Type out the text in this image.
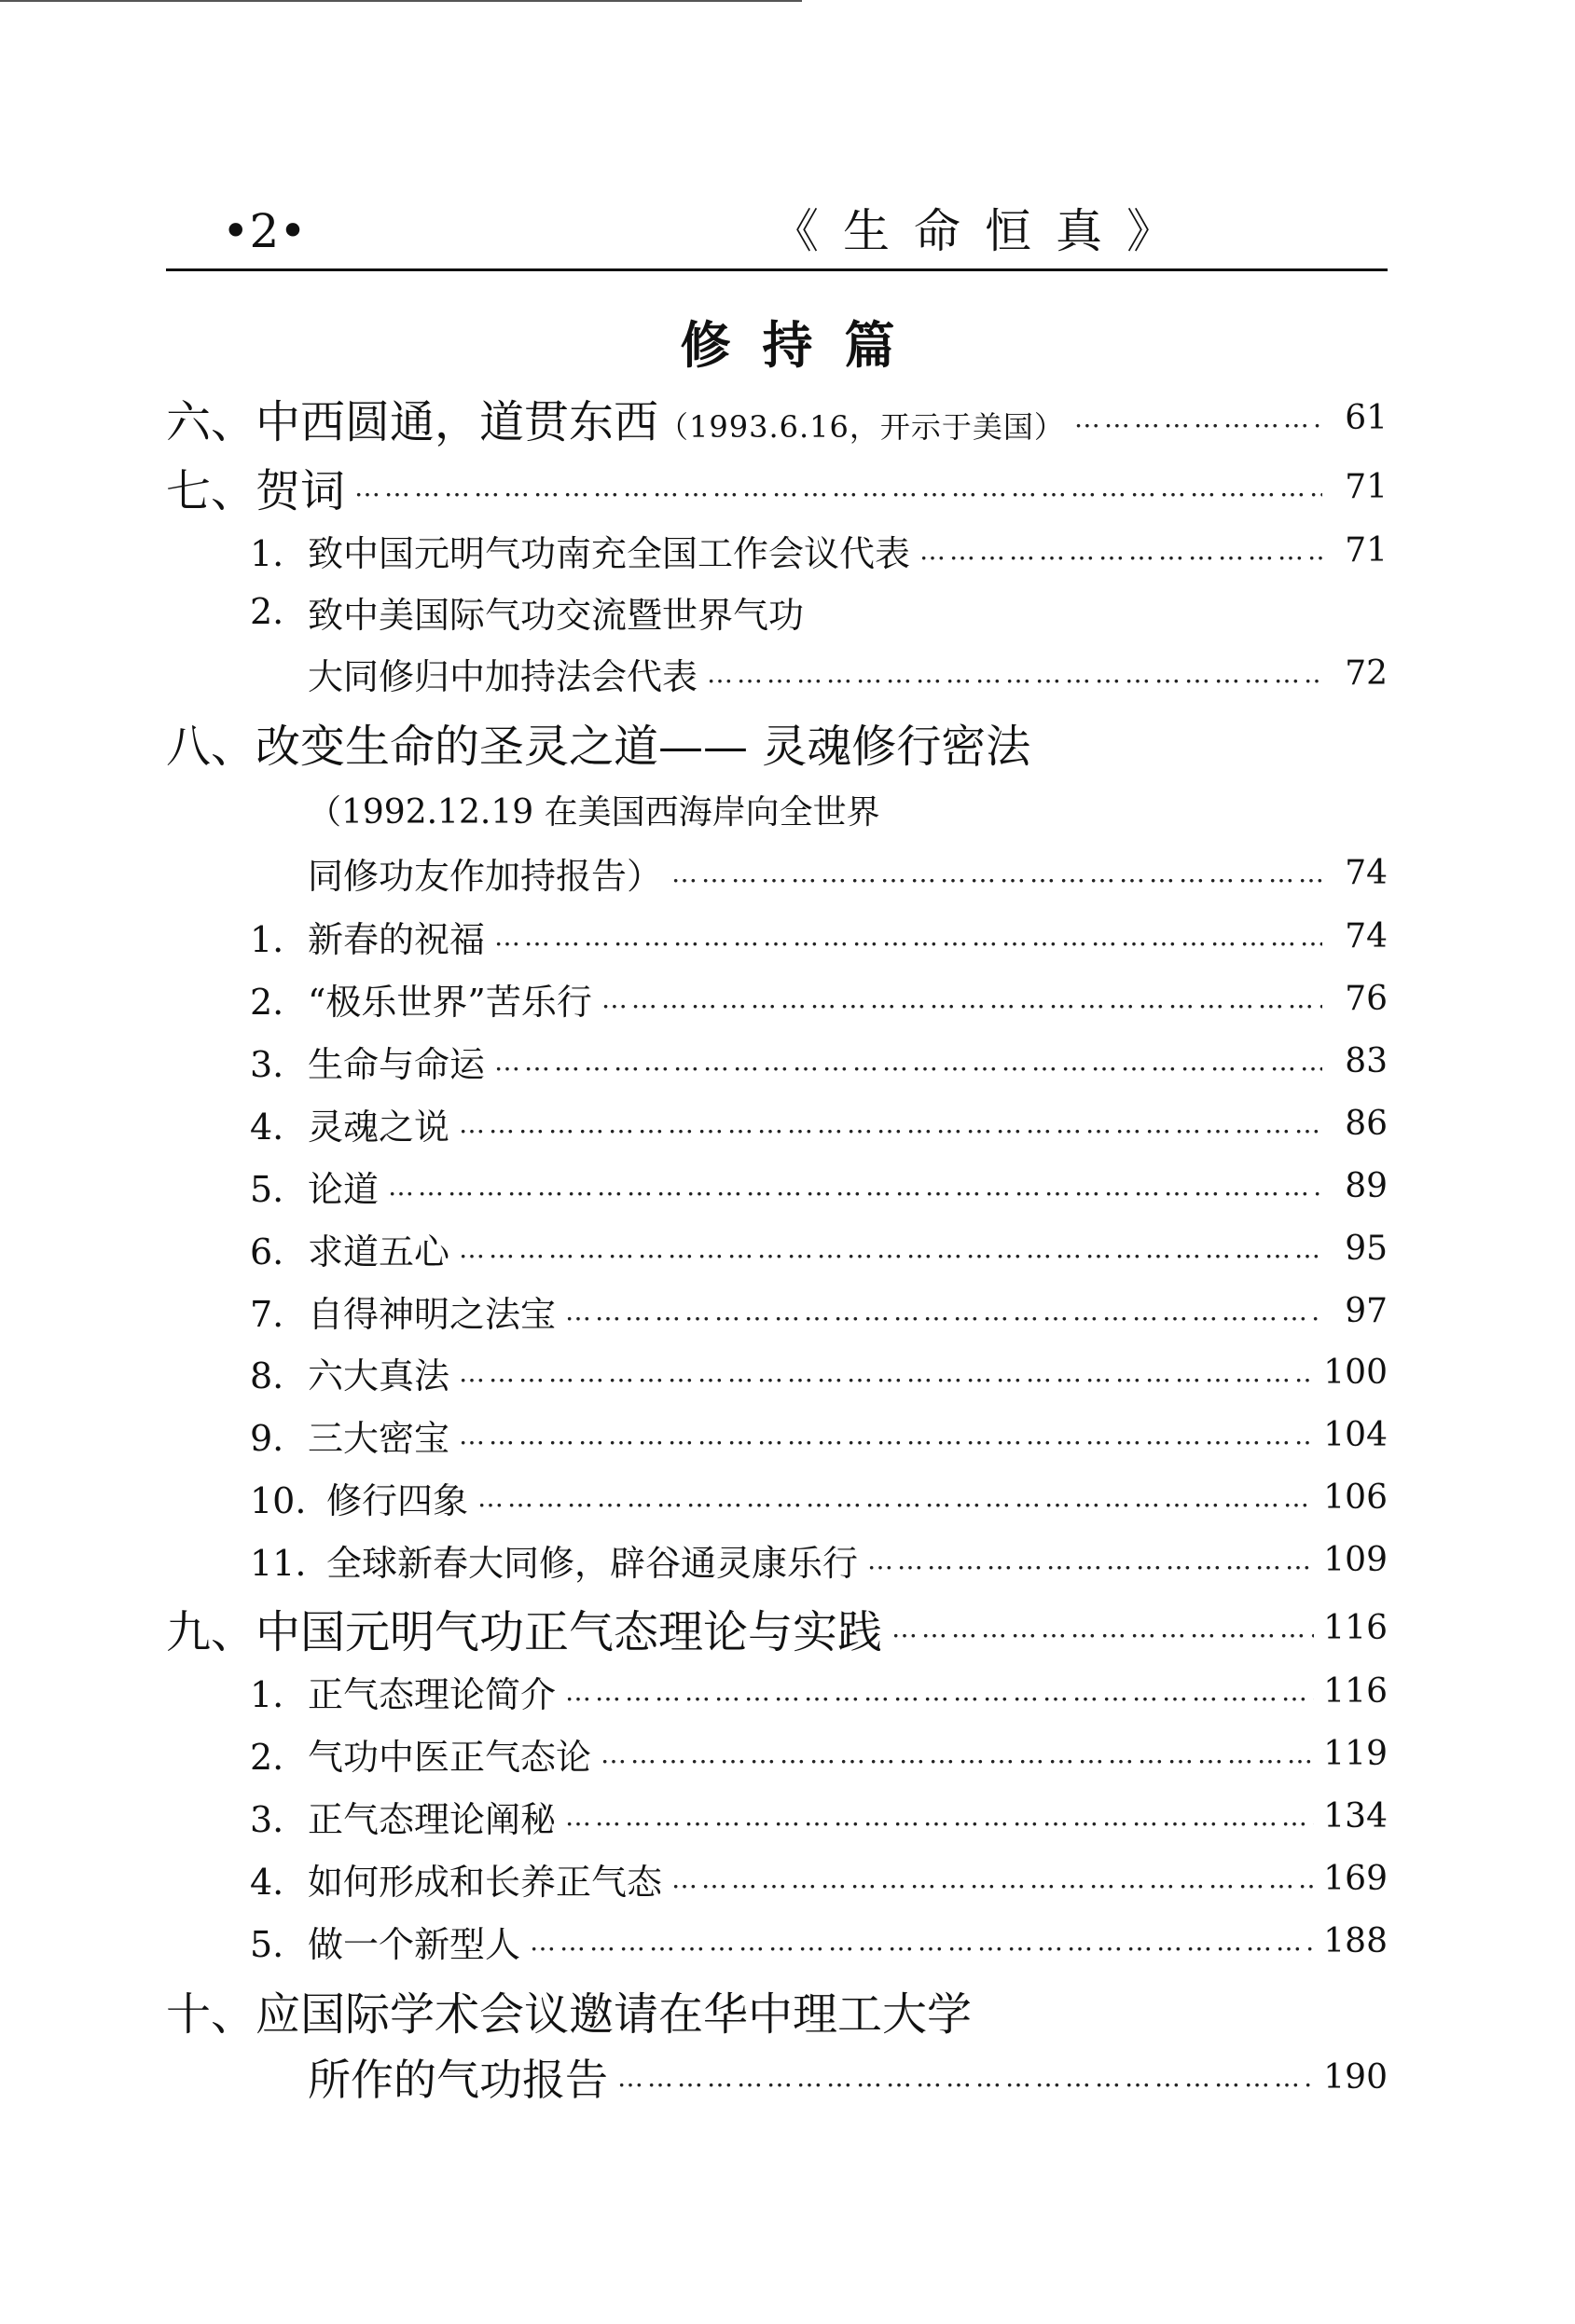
•2•	《生命恒真》
修持篇
六、中西圆通，道贯东西（1993.6.16，开示于美国） ……………………………………………………………………………………………………………………………………………………………………………………………………	61
七、贺词 ……………………………………………………………………………………………………………………………………………………………………………………………………	71
1. 致中国元明气功南充全国工作会议代表 ……………………………………………………………………………………………………………………………………………………………………………………………………	71
2. 致中美国际气功交流暨世界气功
大同修归中加持法会代表 ……………………………………………………………………………………………………………………………………………………………………………………………………	72
八、 改变生命的圣灵之道—— 灵魂修行密法
（1992.12.19 在美国西海岸向全世界
同修功友作加持报告） ……………………………………………………………………………………………………………………………………………………………………………………………………	74
1. 新春的祝福 ……………………………………………………………………………………………………………………………………………………………………………………………………	74
2. “极乐世界”苦乐行 ……………………………………………………………………………………………………………………………………………………………………………………………………	76
3. 生命与命运 ……………………………………………………………………………………………………………………………………………………………………………………………………	83
4. 灵魂之说 ……………………………………………………………………………………………………………………………………………………………………………………………………	86
5. 论道 ……………………………………………………………………………………………………………………………………………………………………………………………………	89
6. 求道五心 ……………………………………………………………………………………………………………………………………………………………………………………………………	95
7. 自得神明之法宝 ……………………………………………………………………………………………………………………………………………………………………………………………………	97
8. 六大真法 ……………………………………………………………………………………………………………………………………………………………………………………………………	100
9. 三大密宝 ……………………………………………………………………………………………………………………………………………………………………………………………………	104
10. 修行四象 ……………………………………………………………………………………………………………………………………………………………………………………………………	106
11. 全球新春大同修，辟谷通灵康乐行 ……………………………………………………………………………………………………………………………………………………………………………………………………	109
九、中国元明气功正气态理论与实践 ……………………………………………………………………………………………………………………………………………………………………………………………………	116
1. 正气态理论简介 ……………………………………………………………………………………………………………………………………………………………………………………………………	116
2. 气功中医正气态论 ……………………………………………………………………………………………………………………………………………………………………………………………………	119
3. 正气态理论阐秘 ……………………………………………………………………………………………………………………………………………………………………………………………………	134
4. 如何形成和长养正气态 ……………………………………………………………………………………………………………………………………………………………………………………………………	169
5. 做一个新型人 ……………………………………………………………………………………………………………………………………………………………………………………………………	188
十、 应国际学术会议邀请在华中理工大学
所作的气功报告 ……………………………………………………………………………………………………………………………………………………………………………………………………	190
